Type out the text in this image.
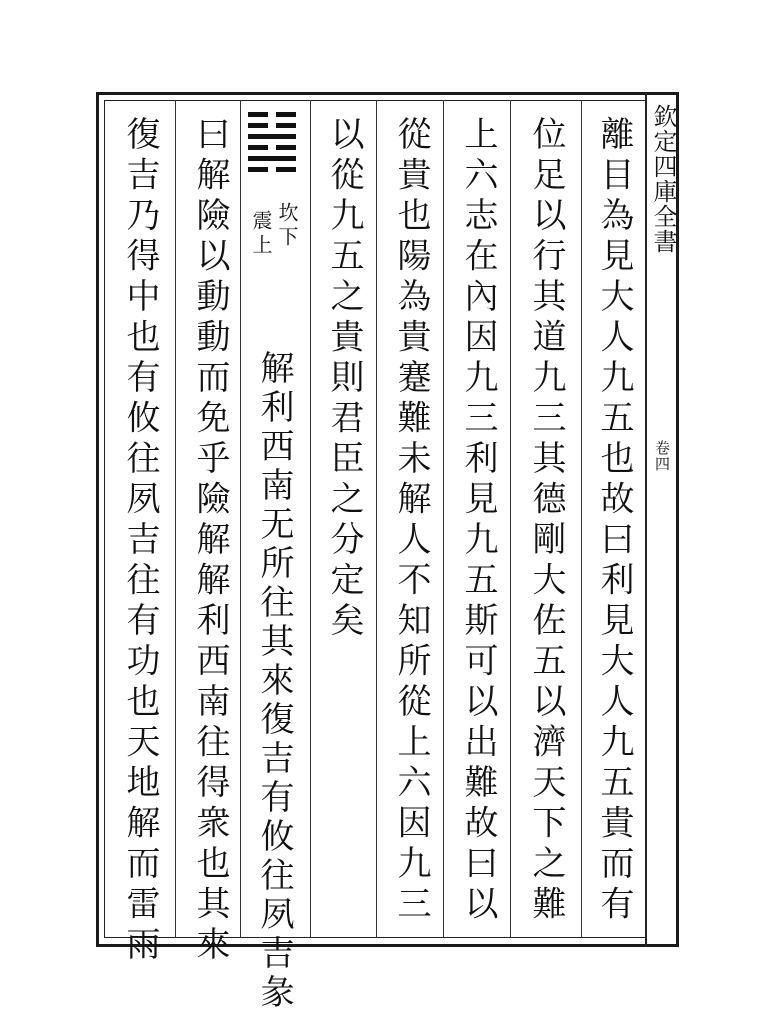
欽定四庫全書
卷四
離目為見大人九五也故曰利見大人九五貴而有
位足以行其道九三其德剛大佐五以濟天下之難
上六志在內因九三利見九五斯可以出難故曰以
從貴也陽為貴蹇難未解人不知所從上六因九三
以從九五之貴則君臣之分定矣
坎下
震上
解利西南无所往其來復吉有攸往夙吉彖
曰解險以動動而免乎險解解利西南往得衆也其來
復吉乃得中也有攸往夙吉往有功也天地解而雷雨
